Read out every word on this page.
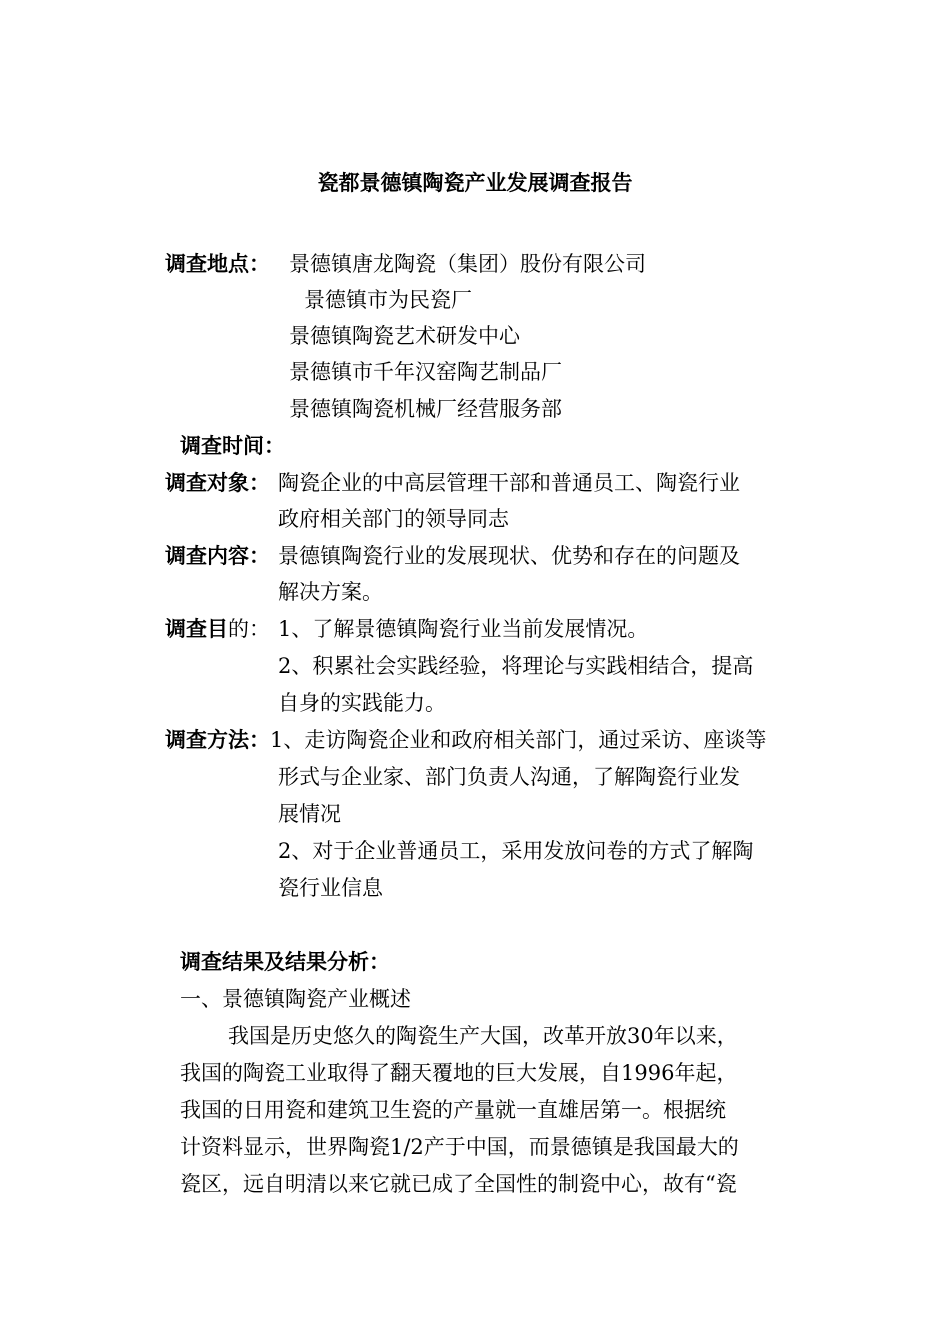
瓷都景德镇陶瓷产业发展调查报告
调查地点： 景德镇唐龙陶瓷（集团）股份有限公司
景德镇市为民瓷厂
景德镇陶瓷艺术研发中心
景德镇市千年汉窑陶艺制品厂
景德镇陶瓷机械厂经营服务部
调查时间：
调查对象： 陶瓷企业的中高层管理干部和普通员工、陶瓷行业
政府相关部门的领导同志
调查内容： 景德镇陶瓷行业的发展现状、优势和存在的问题及
解决方案。
调查目的： 1、了解景德镇陶瓷行业当前发展情况。
2、积累社会实践经验，将理论与实践相结合，提高
自身的实践能力。
调查方法： 1、走访陶瓷企业和政府相关部门，通过采访、座谈等
形式与企业家、部门负责人沟通，了解陶瓷行业发
展情况
2、对于企业普通员工，采用发放问卷的方式了解陶
瓷行业信息
调查结果及结果分析：
一、景德镇陶瓷产业概述
我国是历史悠久的陶瓷生产大国，改革开放30年以来，
我国的陶瓷工业取得了翻天覆地的巨大发展，自1996年起，
我国的日用瓷和建筑卫生瓷的产量就一直雄居第一。根据统
计资料显示，世界陶瓷1/2产于中国，而景德镇是我国最大的
瓷区，远自明清以来它就已成了全国性的制瓷中心，故有“瓷
